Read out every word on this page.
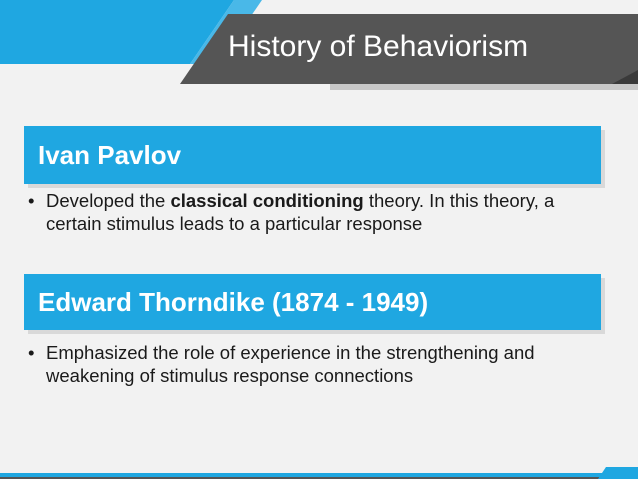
History of Behaviorism
Ivan Pavlov
• Developed the classical conditioning theory. In this theory, a certain stimulus leads to a particular response
Edward Thorndike (1874 - 1949)
• Emphasized the role of experience in the strengthening and weakening of stimulus response connections
